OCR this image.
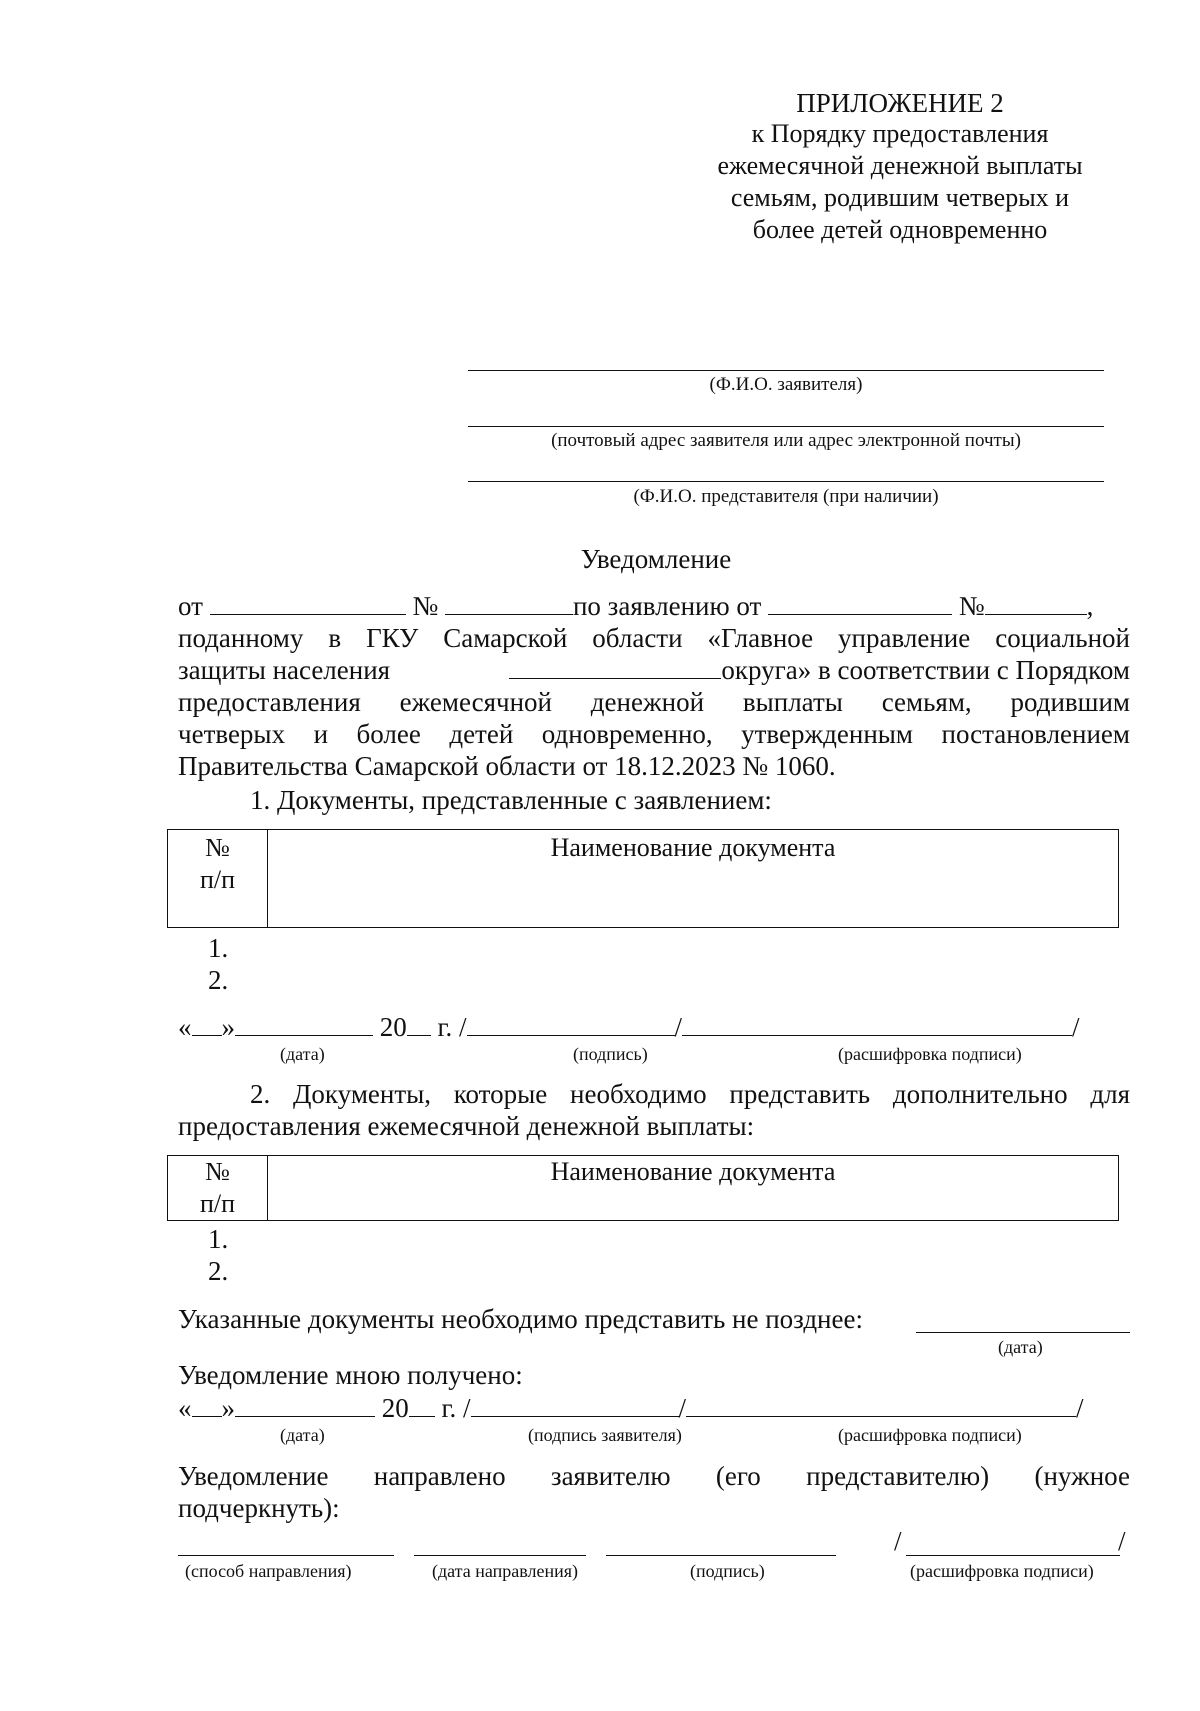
ПРИЛОЖЕНИЕ 2
к Порядку предоставления
ежемесячной денежной выплаты
семьям, родившим четверых и
более детей одновременно
(Ф.И.О. заявителя)
(почтовый адрес заявителя или адрес электронной почты)
(Ф.И.О. представителя (при наличии)
Уведомление
от	№	по заявлению от	№	,
поданному в ГКУ Самарской области «Главное управление социальной
защиты населения	округа» в соответствии с Порядком
предоставления ежемесячной денежной выплаты семьям, родившим
четверых и более детей одновременно, утвержденным постановлением
Правительства Самарской области от 18.12.2023 № 1060.
1. Документы, представленные с заявлением:
№
п/п
	Наименование документа
1.
2.
« »	20 г. /	/	/
(дата)	(подпись)	(расшифровка подписи)
2. Документы, которые необходимо представить дополнительно для
предоставления ежемесячной денежной выплаты:
№
п/п
	Наименование документа
1.
2.
Указанные документы необходимо представить не позднее:
(дата)
Уведомление мною получено:
« »	20 г. /	/	/
(дата)	(подпись заявителя)	(расшифровка подписи)
Уведомление направлено заявителю (его представителю) (нужное
подчеркнуть):
/	/
(способ направления)	(дата направления)	(подпись)	(расшифровка подписи)
